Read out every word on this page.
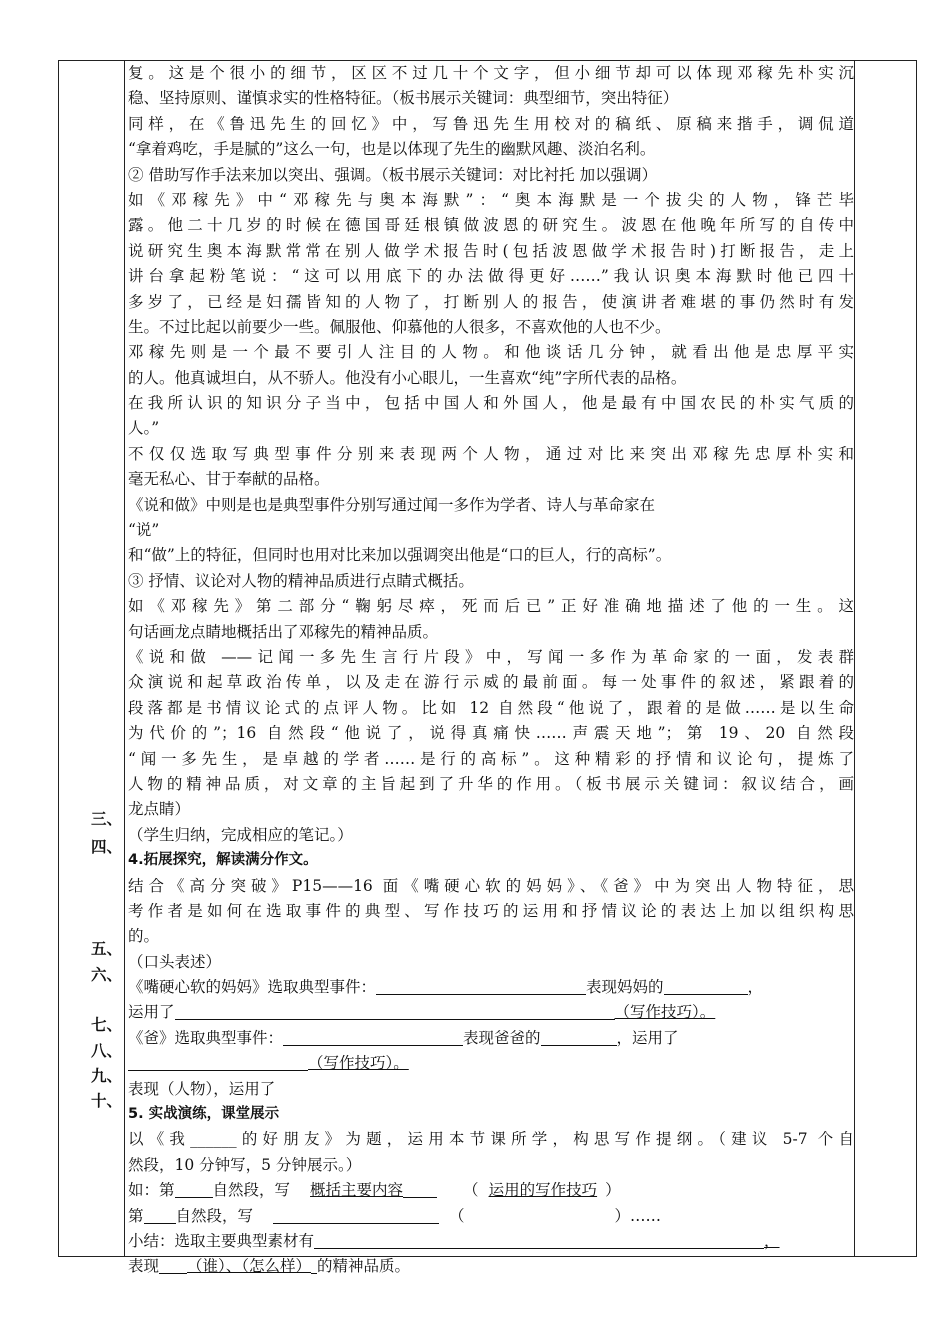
三、
四、
五、
六、
七、
八、
九、
十、
复。这是个很小的细节，区区不过几十个文字，但小细节却可以体现邓稼先朴实沉
稳、坚持原则、谨慎求实的性格特征。（板书展示关键词：典型细节，突出特征）
同样，在《鲁迅先生的回忆》中，写鲁迅先生用校对的稿纸、原稿来揩手，调侃道
“拿着鸡吃，手是腻的”这么一句，也是以体现了先生的幽默风趣、淡泊名利。
② 借助写作手法来加以突出、强调。（板书展示关键词：对比衬托 加以强调）
如《邓稼先》中“邓稼先与奥本海默”：“奥本海默是一个拔尖的人物，锋芒毕
露。他二十几岁的时候在德国哥廷根镇做波恩的研究生。波恩在他晚年所写的自传中
说研究生奥本海默常常在别人做学术报告时(包括波恩做学术报告时)打断报告，走上
讲台拿起粉笔说：“这可以用底下的办法做得更好……”我认识奥本海默时他已四十
多岁了，已经是妇孺皆知的人物了，打断别人的报告，使演讲者难堪的事仍然时有发
生。不过比起以前要少一些。佩服他、仰慕他的人很多，不喜欢他的人也不少。
邓稼先则是一个最不要引人注目的人物。和他谈话几分钟，就看出他是忠厚平实
的人。他真诚坦白，从不骄人。他没有小心眼儿，一生喜欢“纯”字所代表的品格。
在我所认识的知识分子当中，包括中国人和外国人，他是最有中国农民的朴实气质的
人。”
不仅仅选取写典型事件分别来表现两个人物，通过对比来突出邓稼先忠厚朴实和
毫无私心、甘于奉献的品格。
《说和做》中则是也是典型事件分别写通过闻一多作为学者、诗人与革命家在
“说”
和“做”上的特征，但同时也用对比来加以强调突出他是“口的巨人，行的高标”。
③ 抒情、议论对人物的精神品质进行点睛式概括。
如《邓稼先》第二部分“鞠躬尽瘁，死而后已”正好准确地描述了他的一生。这
句话画龙点睛地概括出了邓稼先的精神品质。
《说和做 ——记闻一多先生言行片段》中，写闻一多作为革命家的一面，发表群
众演说和起草政治传单，以及走在游行示威的最前面。每一处事件的叙述，紧跟着的
段落都是书情议论式的点评人物。比如 12 自然段“他说了，跟着的是做……是以生命
为代价的”；16 自然段“他说了，说得真痛快……声震天地”；第 19、20 自然段
“闻一多先生，是卓越的学者……是行的高标”。这种精彩的抒情和议论句，提炼了
人物的精神品质，对文章的主旨起到了升华的作用。（板书展示关键词：叙议结合，画
龙点睛）
（学生归纳，完成相应的笔记。）
4.拓展探究，解读满分作文。
结合《高分突破》P15——16 面《嘴硬心软的妈妈》、《爸》中为突出人物特征，思
考作者是如何在选取事件的典型、写作技巧的运用和抒情议论的表达上加以组织构思
的。
（口头表述）
《嘴硬心软的妈妈》选取典型事件：	表现妈妈的	，
运用了	（写作技巧）。
《爸》选取典型事件：	表现爸爸的	，运用了
（写作技巧）。
表现（人物），运用了
5. 实战演练，课堂展示
以《我______的好朋友》为题，运用本节课所学，构思写作提纲。（建议 5-7 个自
然段，10 分钟写，5 分钟展示。）
如：第 自然段，写 概括主要内容	（ 运用的写作技巧 ）
第 自然段，写	（	）……
小结：选取主要典型素材有	，
表现 （谁）、（怎么样） 的精神品质。
